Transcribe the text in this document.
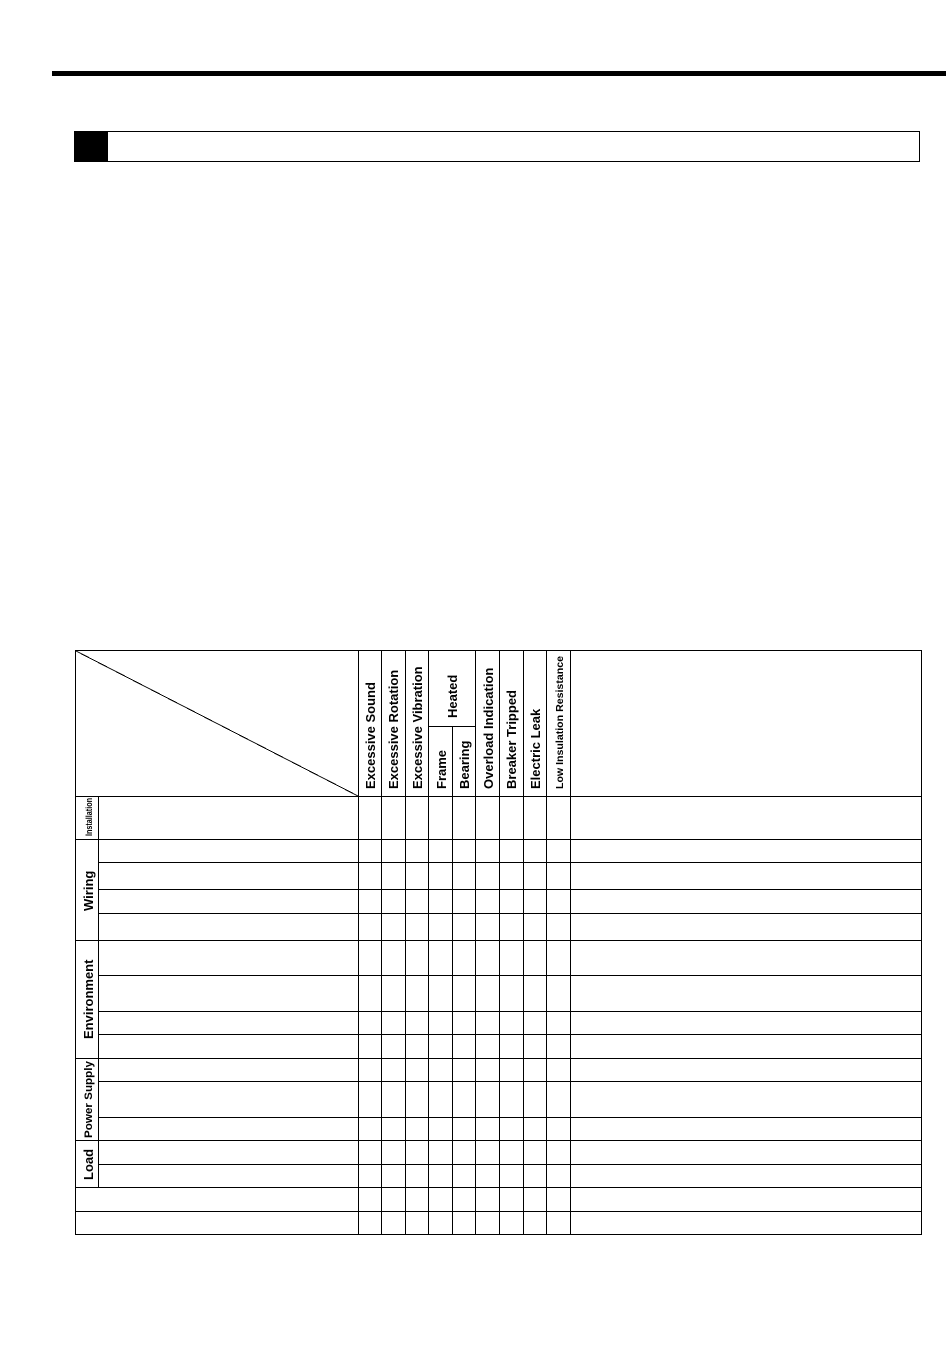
Excessive Sound Excessive Rotation Excessive Vibration Heated
Frame Bearing Overload Indication Breaker Tripped Electric Leak Low Insulation Resistance
Installation
Wiring
Environment
Power Supply
Load
